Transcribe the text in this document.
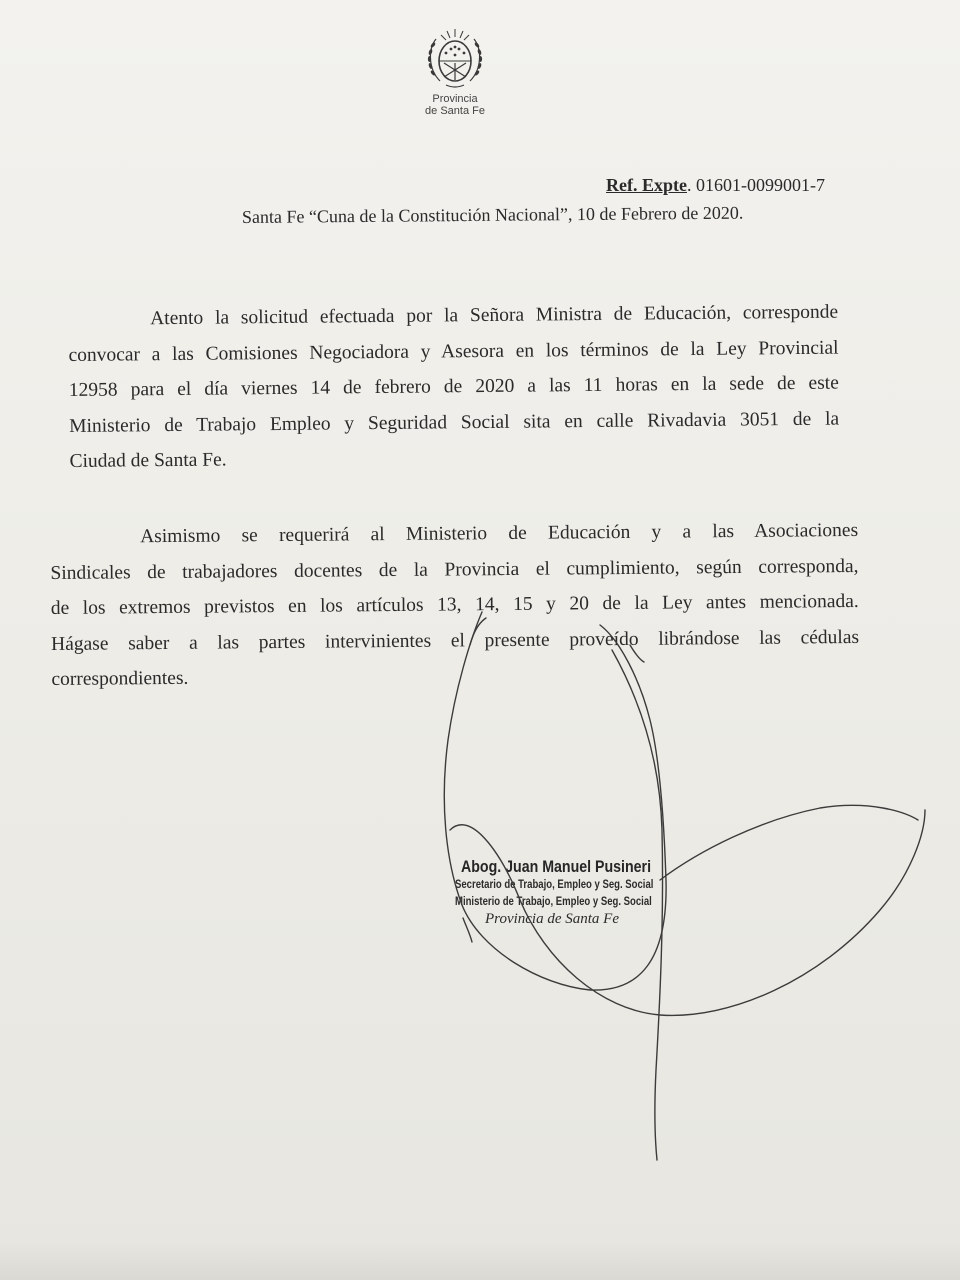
Provincia
de Santa Fe
Ref. Expte. 01601-0099001-7
Santa Fe “Cuna de la Constitución Nacional”, 10 de Febrero de 2020.
Atento la solicitud efectuada por la Señora Ministra de Educación, corresponde
convocar a las Comisiones Negociadora y Asesora en los términos de la Ley Provincial
12958 para el día viernes 14 de febrero de 2020 a las 11 horas en la sede de este
Ministerio de Trabajo Empleo y Seguridad Social sita en calle Rivadavia 3051 de la
Ciudad de Santa Fe.
Asimismo se requerirá al Ministerio de Educación y a las Asociaciones
Sindicales de trabajadores docentes de la Provincia el cumplimiento, según corresponda,
de los extremos previstos en los artículos 13, 14, 15 y 20 de la Ley antes mencionada.
Hágase saber a las partes intervinientes el presente proveído librándose las cédulas
correspondientes.
Abog. Juan Manuel Pusineri
Secretario de Trabajo, Empleo y Seg. Social
Ministerio de Trabajo, Empleo y Seg. Social
Provincia de Santa Fe
